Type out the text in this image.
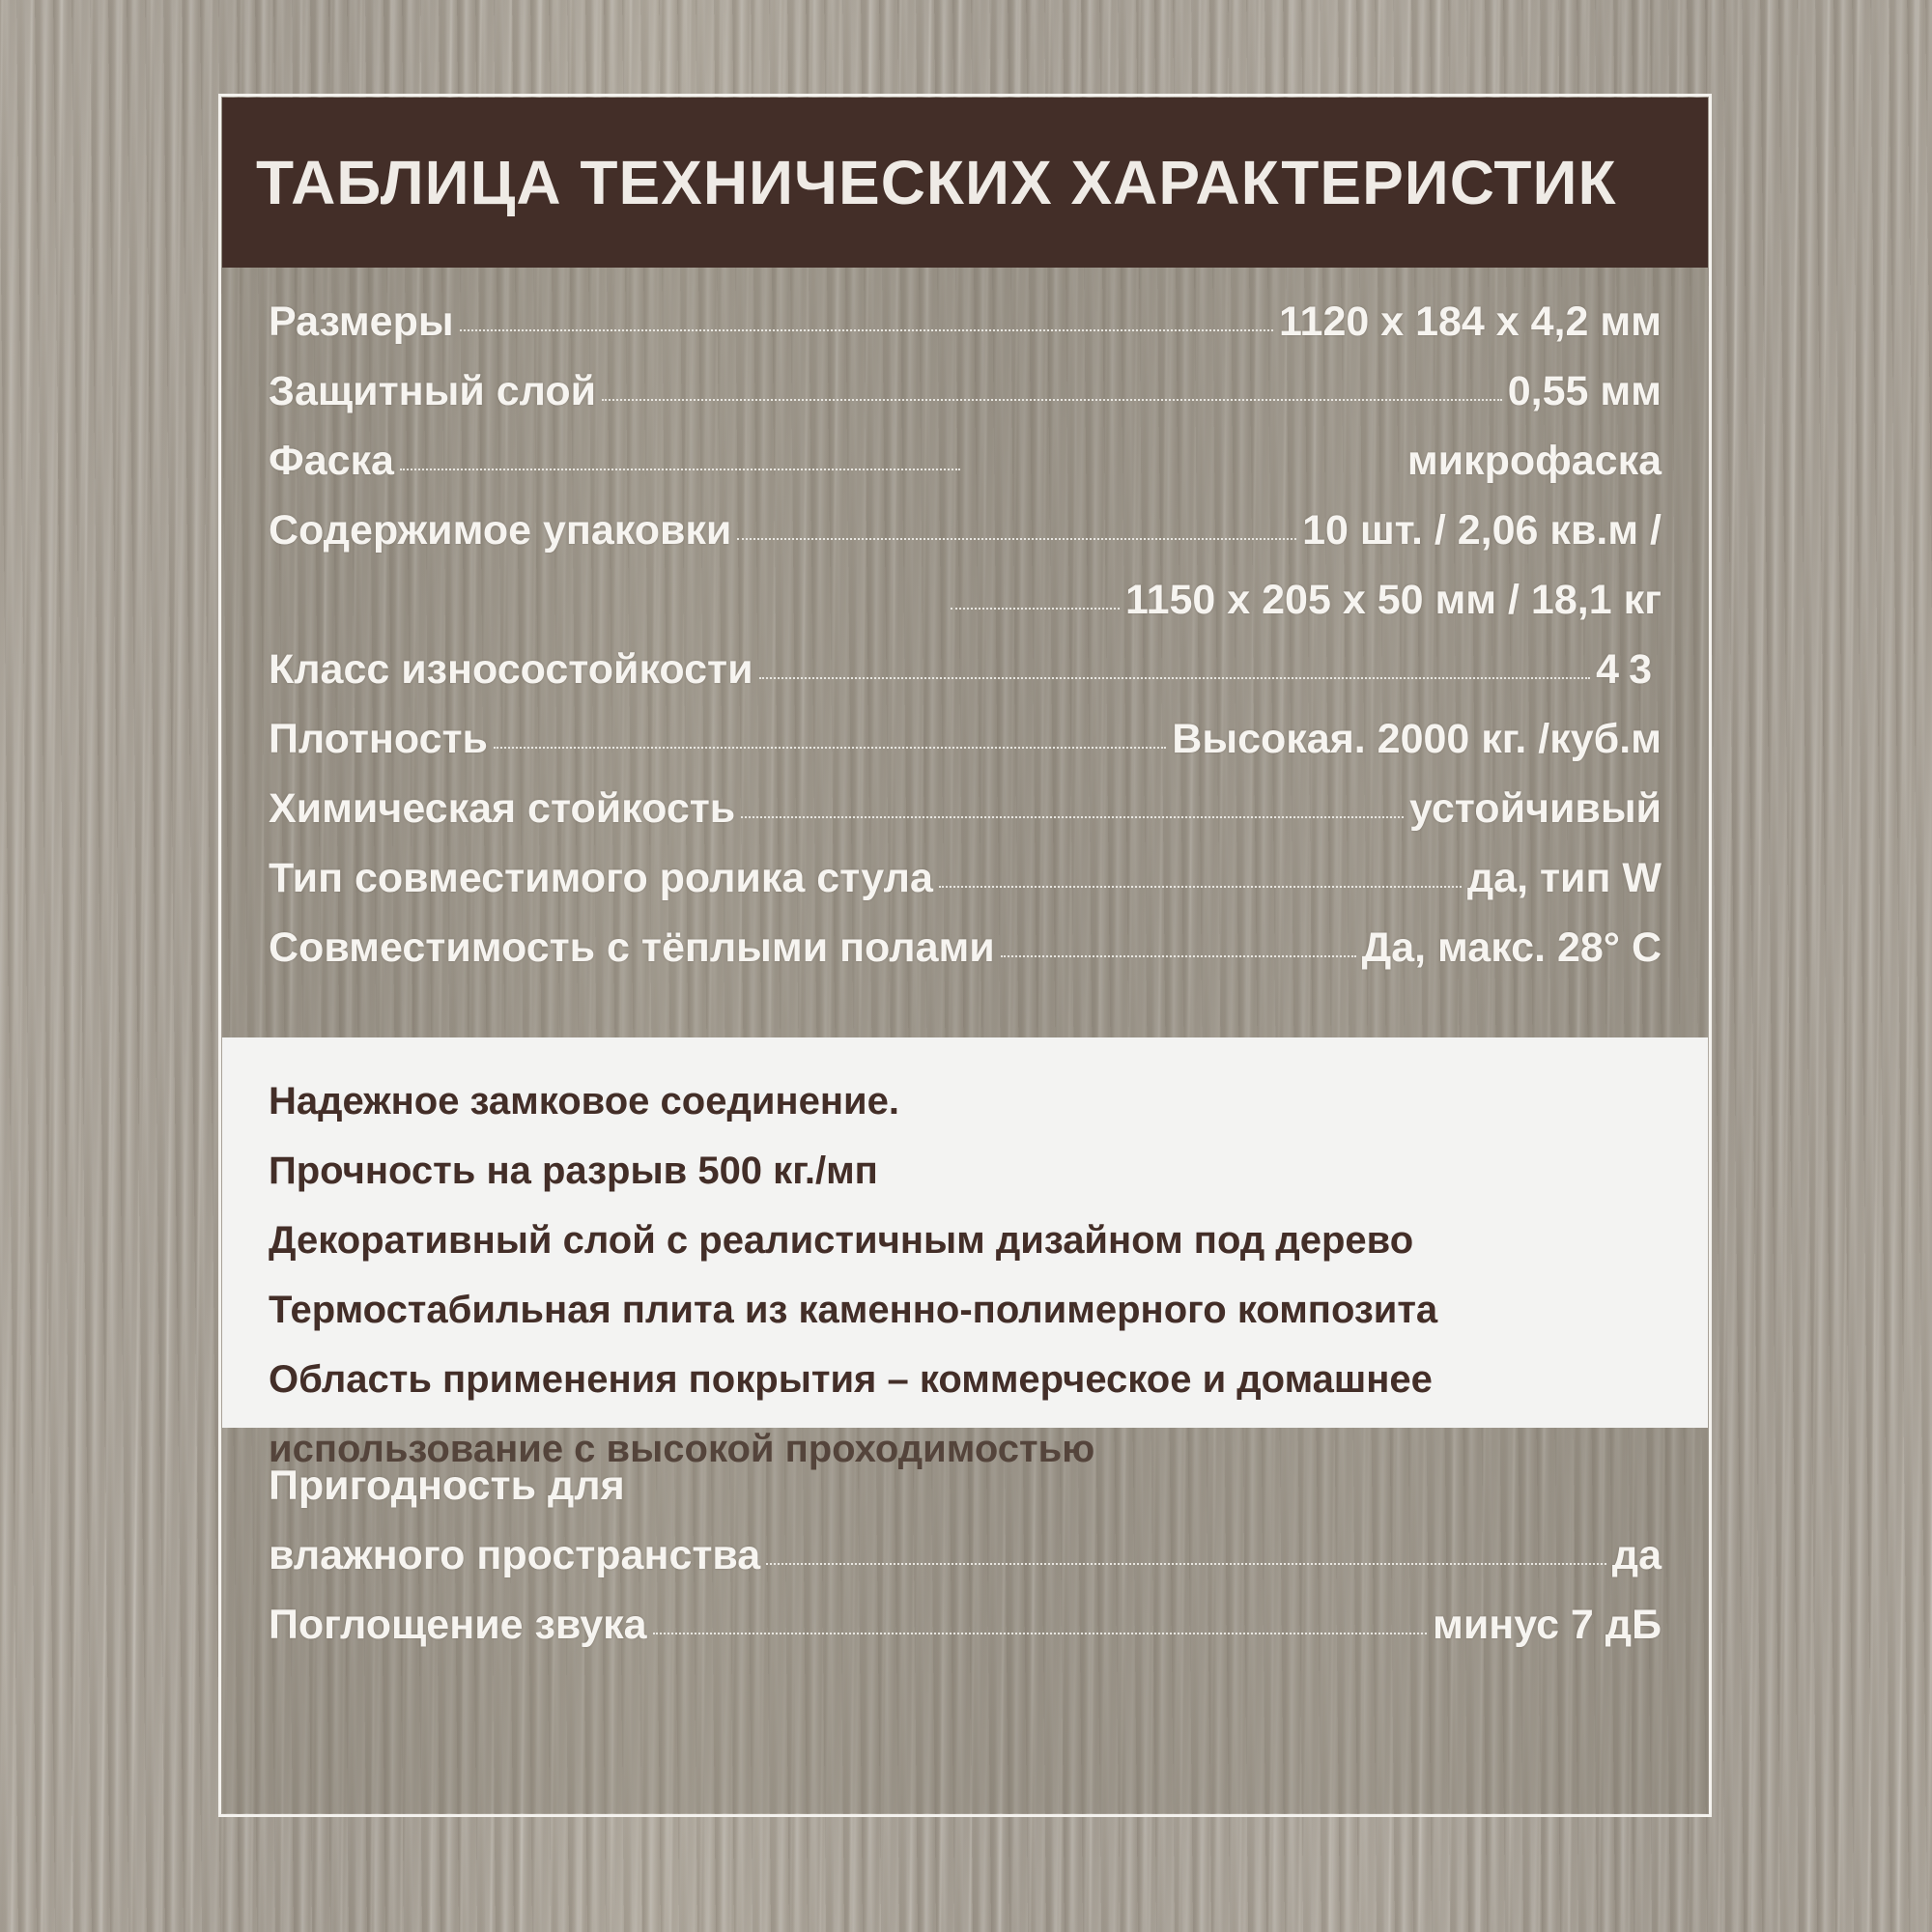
ТАБЛИЦА ТЕХНИЧЕСКИХ ХАРАКТЕРИСТИК
Размеры	1120 x 184 x 4,2 мм
Защитный слой	0,55 мм
Фаска	микрофаска
Содержимое упаковки	10 шт. / 2,06 кв.м /
1150 x 205 x 50 мм / 18,1 кг
Класс износостойкости	43
Плотность	Высокая. 2000 кг. /куб.м
Химическая стойкость	устойчивый
Тип совместимого ролика стула	да, тип W
Совместимость с тёплыми полами	Да, макс. 28° С
Надежное замковое соединение.
Прочность на разрыв 500 кг./мп
Декоративный слой с реалистичным дизайном под дерево
Термостабильная плита из каменно-полимерного композита
Область применения покрытия – коммерческое и домашнее
использование с высокой проходимостью
Пригодность для
влажного пространства	да
Поглощение звука	минус 7 дБ
